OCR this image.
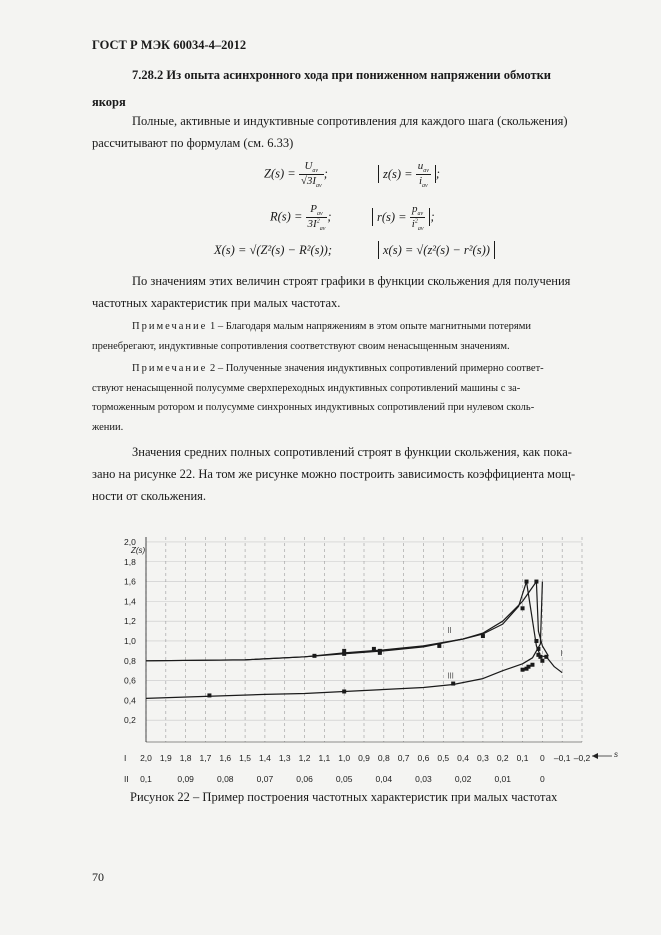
ГОСТ Р МЭК 60034-4–2012
7.28.2 Из опыта асинхронного хода при пониженном напряжении обмотки
якоря
Полные, активные и индуктивные сопротивления для каждого шага (скольжения)
рассчитывают по формулам (см. 6.33)
$Z(s) = \frac{U_{av}}{√3I_{av}}$ ;	$z(s) = \frac{u_{av}}{i_{av}}$ ;
$R(s) = \frac{P_{av}}{3I^2_{av}}$ ;	$r(s) = \frac{p_{av}}{i^2_{av}}$ ;
X(s) = √(Z²(s) − R²(s));	x(s) = √(z²(s) − r²(s))
По значениям этих величин строят графики в функции скольжения для получения
частотных характеристик при малых частотах.
Примечание 1 – Благодаря малым напряжениям в этом опыте магнитными потерями
пренебрегают, индуктивные сопротивления соответствуют своим ненасыщенным значениям.
Примечание 2 – Полученные значения индуктивных сопротивлений примерно соответ-
ствуют ненасыщенной полусумме сверхпереходных индуктивных сопротивлений машины с за-
торможенным ротором и полусумме синхронных индуктивных сопротивлений при нулевом сколь-
жении.
Значения средних полных сопротивлений строят в функции скольжения, как пока-
зано на рисунке 22. На том же рисунке можно построить зависимость коэффициента мощ-
ности от скольжения.
2,0
1,8
1,6
1,4
1,2
1,0
0,8
0,6
0,4
0,2
Z(s)
I 2,0 1,9 1,8 1,7 1,6 1,5 1,4 1,3 1,2 1,1 1,0 0,9 0,8 0,7 0,6 0,5 0,4 0,3 0,2 0,1 0 –0,1 –0,2
II 0,1	0,09	0,08	0,07	0,06	0,05	0,04	0,03	0,02	0,01	0
s
I
II
III
Рисунок 22 – Пример построения частотных характеристик при малых частотах
70
